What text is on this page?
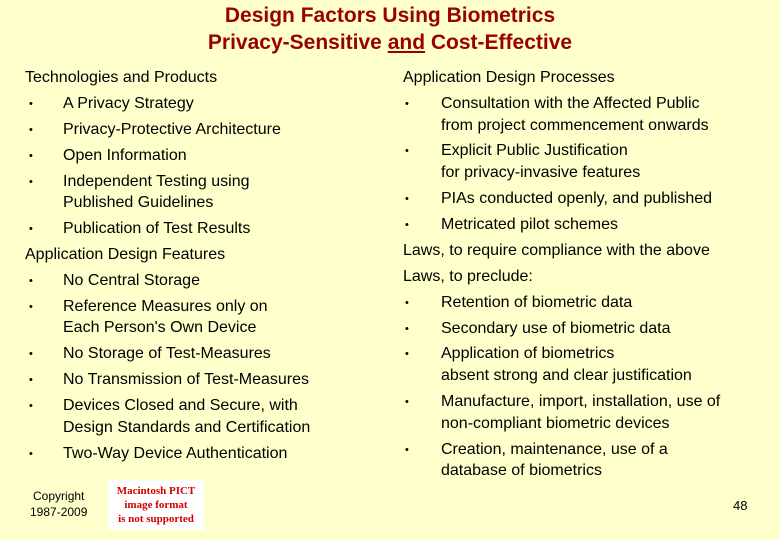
Design Factors Using Biometrics
Privacy-Sensitive and Cost-Effective
Technologies and Products
• A Privacy Strategy
• Privacy-Protective Architecture
• Open Information
• Independent Testing using
Published Guidelines
• Publication of Test Results
Application Design Features
• No Central Storage
• Reference Measures only on
Each Person's Own Device
• No Storage of Test-Measures
• No Transmission of Test-Measures
• Devices Closed and Secure, with
Design Standards and Certification
• Two-Way Device Authentication
Application Design Processes
• Consultation with the Affected Public
from project commencement onwards
• Explicit Public Justification
for privacy-invasive features
• PIAs conducted openly, and published
• Metricated pilot schemes
Laws, to require compliance with the above
Laws, to preclude:
• Retention of biometric data
• Secondary use of biometric data
• Application of biometrics
absent strong and clear justification
• Manufacture, import, installation, use of
non-compliant biometric devices
• Creation, maintenance, use of a
database of biometrics
Copyright
1987-2009
Macintosh PICT
image format
is not supported
48
